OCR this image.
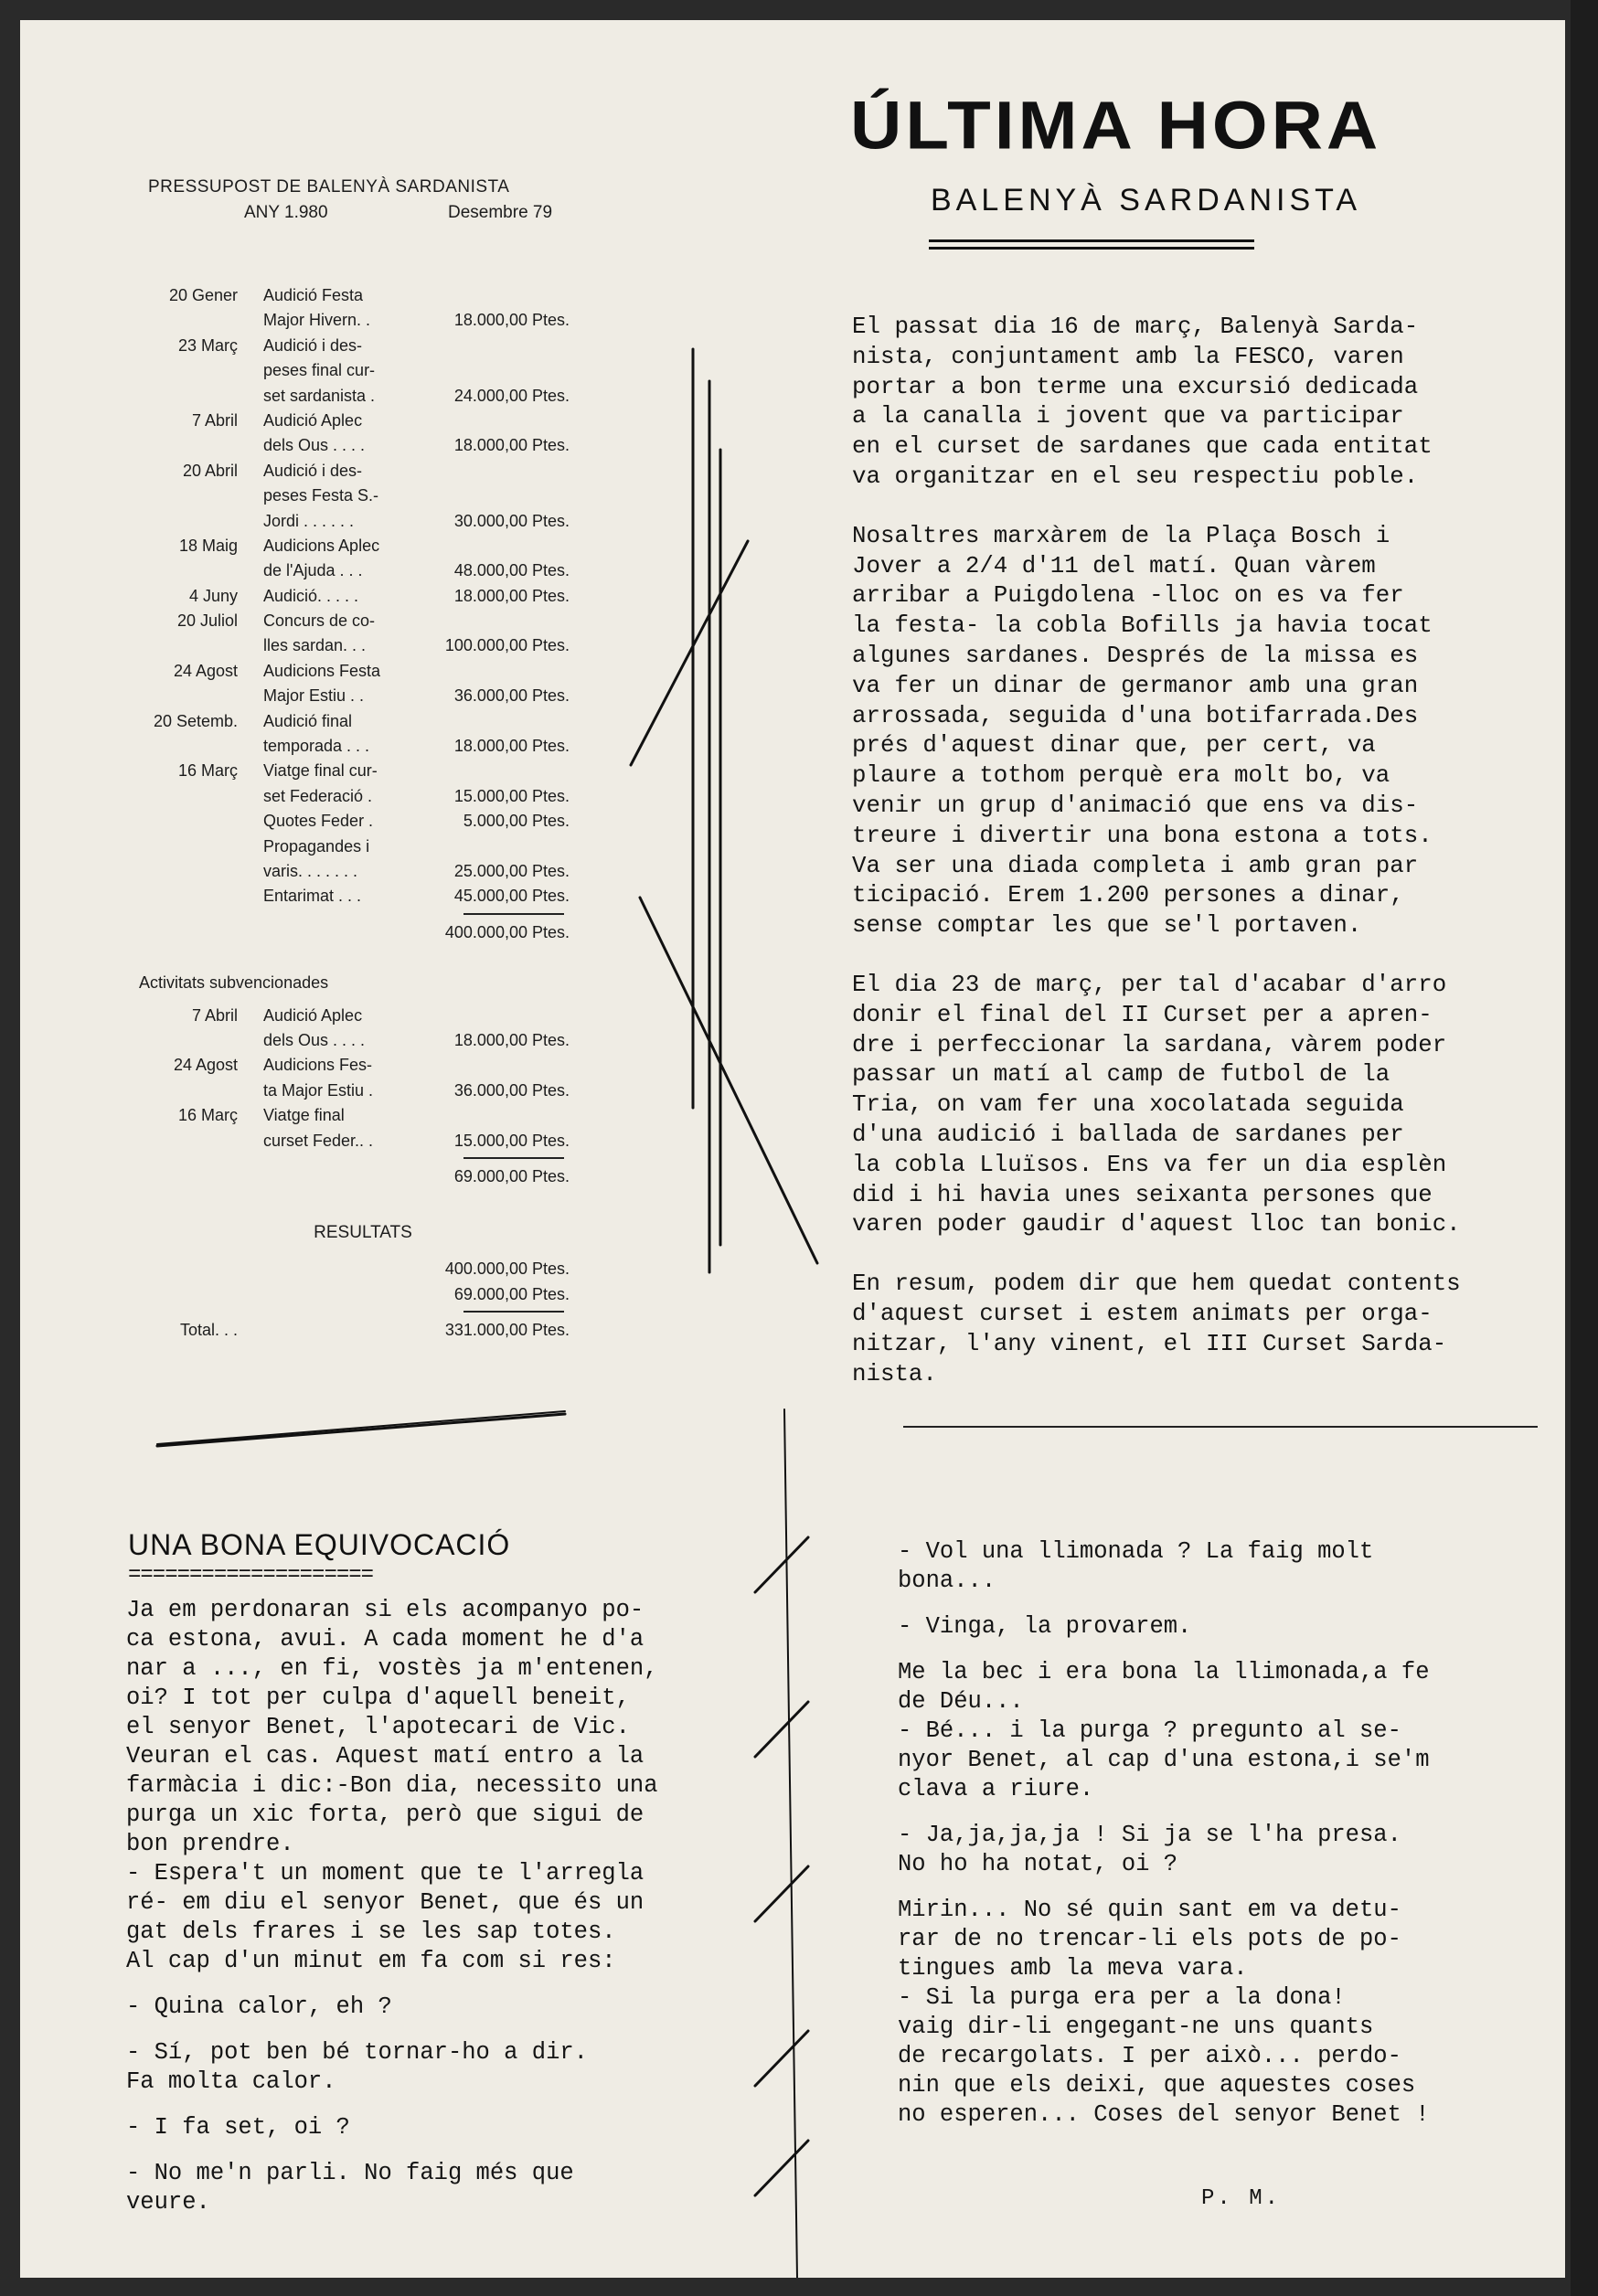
PRESSUPOST DE BALENYÀ SARDANISTA
ANY 1.980	Desembre 79
20 Gener Audició Festa
Major Hivern. .	18.000,00 Ptes.
23 Març Audició i des-
peses final cur-
set sardanista .	24.000,00 Ptes.
7 Abril Audició Aplec
dels Ous . . . .	18.000,00 Ptes.
20 Abril Audició i des-
peses Festa S.-
Jordi . . . . . .	30.000,00 Ptes.
18 Maig Audicions Aplec
de l'Ajuda . . .	48.000,00 Ptes.
4 Juny Audició. . . . .	18.000,00 Ptes.
20 Juliol Concurs de co-
lles sardan. . .	100.000,00 Ptes.
24 Agost Audicions Festa
Major Estiu . .	36.000,00 Ptes.
20 Setemb. Audició final
temporada . . .	18.000,00 Ptes.
16 Març Viatge final cur-
set Federació .	15.000,00 Ptes.
Quotes Feder .	5.000,00 Ptes.
Propagandes i
varis. . . . . . .	25.000,00 Ptes.
Entarimat . . .	45.000,00 Ptes.
400.000,00 Ptes.
Activitats subvencionades
7 Abril Audició Aplec
dels Ous . . . .	18.000,00 Ptes.
24 Agost Audicions Fes-
ta Major Estiu .	36.000,00 Ptes.
16 Març Viatge final
curset Feder.. .	15.000,00 Ptes.
69.000,00 Ptes.
RESULTATS
400.000,00 Ptes.
69.000,00 Ptes.
Total. . .	331.000,00 Ptes.
ÚLTIMA HORA
BALENYÀ SARDANISTA

El passat dia 16 de març, Balenyà Sarda-
nista, conjuntament amb la FESCO, varen
portar a bon terme una excursió dedicada
a la canalla i jovent que va participar
en el curset de sardanes que cada entitat
va organitzar en el seu respectiu poble.

Nosaltres marxàrem de la Plaça Bosch i
Jover a 2/4 d'11 del matí. Quan vàrem
arribar a Puigdolena -lloc on es va fer
la festa- la cobla Bofills ja havia tocat
algunes sardanes. Després de la missa es
va fer un dinar de germanor amb una gran
arrossada, seguida d'una botifarrada.Des
prés d'aquest dinar que, per cert, va
plaure a tothom perquè era molt bo, va
venir un grup d'animació que ens va dis-
treure i divertir una bona estona a tots.
Va ser una diada completa i amb gran par
ticipació. Erem 1.200 persones a dinar,
sense comptar les que se'l portaven.

El dia 23 de març, per tal d'acabar d'arro
donir el final del II Curset per a apren-
dre i perfeccionar la sardana, vàrem poder
passar un matí al camp de futbol de la
Tria, on vam fer una xocolatada seguida
d'una audició i ballada de sardanes per
la cobla Lluïsos. Ens va fer un dia esplèn
did i hi havia unes seixanta persones que
varen poder gaudir d'aquest lloc tan bonic.

En resum, podem dir que hem quedat contents
d'aquest curset i estem animats per orga-
nitzar, l'any vinent, el III Curset Sarda-
nista.

UNA BONA EQUIVOCACIÓ
====================

Ja em perdonaran si els acompanyo po-
ca estona, avui. A cada moment he d'a
nar a ..., en fi, vostès ja m'entenen,
oi? I tot per culpa d'aquell beneit,
el senyor Benet, l'apotecari de Vic.
Veuran el cas. Aquest matí entro a la
farmàcia i dic:-Bon dia, necessito una
purga un xic forta, però que sigui de
bon prendre.
- Espera't un moment que te l'arregla
ré- em diu el senyor Benet, que és un
gat dels frares i se les sap totes.
Al cap d'un minut em fa com si res:

- Quina calor, eh ?

- Sí, pot ben bé tornar-ho a dir.
Fa molta calor.

- I fa set, oi ?

- No me'n parli. No faig més que
veure.

- Vol una llimonada ? La faig molt
bona...

- Vinga, la provarem.

Me la bec i era bona la llimonada,a fe
de Déu...
- Bé... i la purga ? pregunto al se-
nyor Benet, al cap d'una estona,i se'm
clava a riure.

- Ja,ja,ja,ja ! Si ja se l'ha presa.
No ho ha notat, oi ?

Mirin... No sé quin sant em va detu-
rar de no trencar-li els pots de po-
tingues amb la meva vara.
- Si la purga era per a la dona!
vaig dir-li engegant-ne uns quants
de recargolats. I per això... perdo-
nin que els deixi, que aquestes coses
no esperen... Coses del senyor Benet !

P. M.
